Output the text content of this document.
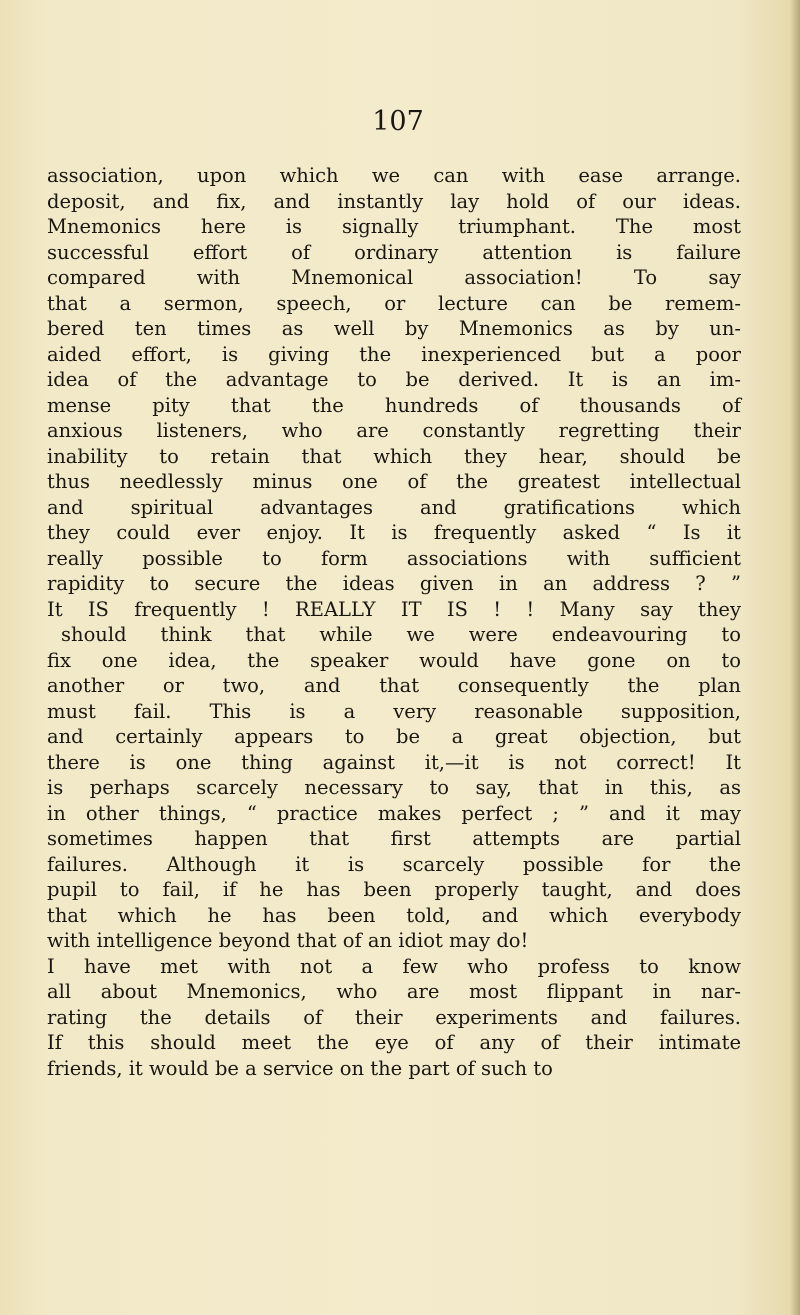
107
association, upon which we can with ease arrange.
deposit, and fix, and instantly lay hold of our ideas.
Mnemonics here is signally triumphant. The most
successful effort of ordinary attention is failure
compared with Mnemonical association! To say
that a sermon, speech, or lecture can be remem-
bered ten times as well by Mnemonics as by un-
aided effort, is giving the inexperienced but a poor
idea of the advantage to be derived. It is an im-
mense pity that the hundreds of thousands of
anxious listeners, who are constantly regretting their
inability to retain that which they hear, should be
thus needlessly minus one of the greatest intellectual
and spiritual advantages and gratifications which
they could ever enjoy. It is frequently asked “ Is it
really possible to form associations with sufficient
rapidity to secure the ideas given in an address ? ”
It IS frequently ! REALLY IT IS ! ! Many say they
should think that while we were endeavouring to
fix one idea, the speaker would have gone on to
another or two, and that consequently the plan
must fail. This is a very reasonable supposition,
and certainly appears to be a great objection, but
there is one thing against it,—it is not correct! It
is perhaps scarcely necessary to say, that in this, as
in other things, “ practice makes perfect ; ” and it may
sometimes happen that first attempts are partial
failures. Although it is scarcely possible for the
pupil to fail, if he has been properly taught, and does
that which he has been told, and which everybody
with intelligence beyond that of an idiot may do!
I have met with not a few who profess to know
all about Mnemonics, who are most flippant in nar-
rating the details of their experiments and failures.
If this should meet the eye of any of their intimate
friends, it would be a service on the part of such to
